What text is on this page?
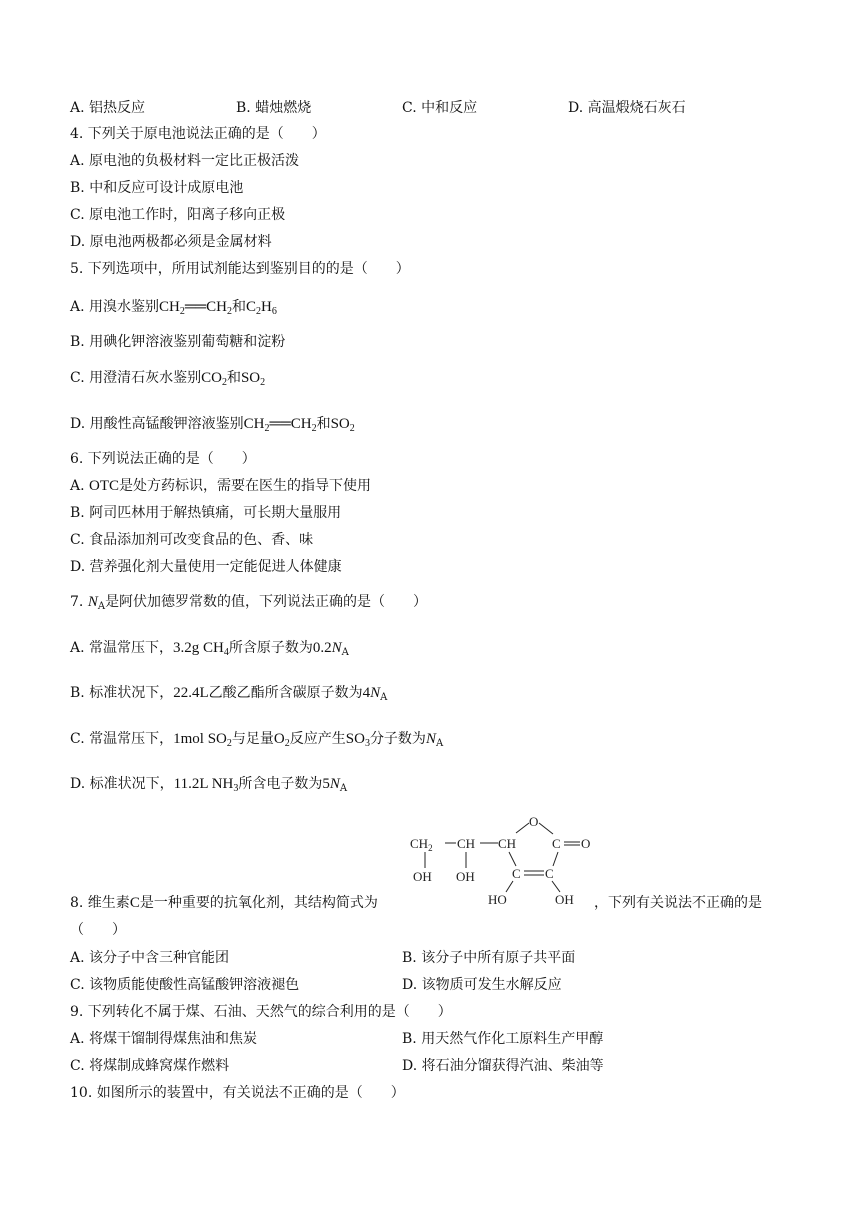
A. 铝热反应	B. 蜡烛燃烧	C. 中和反应	D. 高温煅烧石灰石
4. 下列关于原电池说法正确的是（　　）
A. 原电池的负极材料一定比正极活泼
B. 中和反应可设计成原电池
C. 原电池工作时，阳离子移向正极
D. 原电池两极都必须是金属材料
5. 下列选项中，所用试剂能达到鉴别目的的是（　　）
A. 用溴水鉴别$CH_2══CH_2$和$C_2H_6$
B. 用碘化钾溶液鉴别葡萄糖和淀粉
C. 用澄清石灰水鉴别$CO_2$和$SO_2$
D. 用酸性高锰酸钾溶液鉴别$CH_2══CH_2$和$SO_2$
6. 下列说法正确的是（　　）
A. OTC是处方药标识，需要在医生的指导下使用
B. 阿司匹林用于解热镇痛，可长期大量服用
C. 食品添加剂可改变食品的色、香、味
D. 营养强化剂大量使用一定能促进人体健康
7. $N_A$是阿伏加德罗常数的值，下列说法正确的是（　　）
A. 常温常压下，3.2g $CH_4$所含原子数为$0.2N_A$
B. 标准状况下，22.4L乙酸乙酯所含碳原子数为$4N_A$
C. 常温常压下，1mol $SO_2$与足量$O_2$反应产生$SO_3$分子数为$N_A$
D. 标准状况下，11.2L $NH_3$所含电子数为$5N_A$
$CH_2$ CH CH
O
C O
OH OH	C C
HO	OH
8. 维生素C是一种重要的抗氧化剂，其结构简式为	，下列有关说法不正确的是
（　　）
A. 该分子中含三种官能团	B. 该分子中所有原子共平面
C. 该物质能使酸性高锰酸钾溶液褪色	D. 该物质可发生水解反应
9. 下列转化不属于煤、石油、天然气的综合利用的是（　　）
A. 将煤干馏制得煤焦油和焦炭	B. 用天然气作化工原料生产甲醇
C. 将煤制成蜂窝煤作燃料	D. 将石油分馏获得汽油、柴油等
10. 如图所示的装置中，有关说法不正确的是（　　）
